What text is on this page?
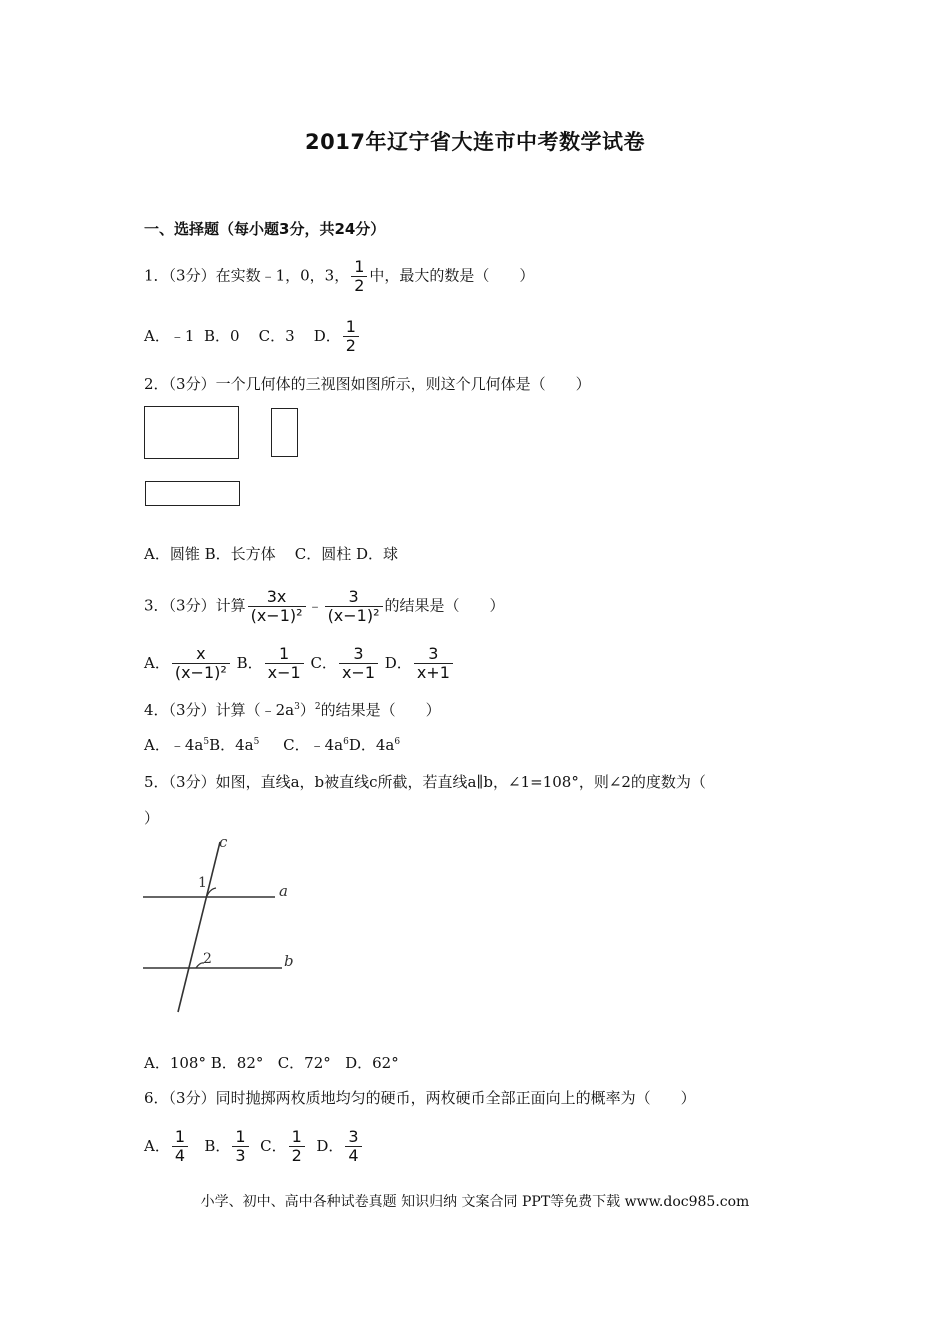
2017年辽宁省大连市中考数学试卷
一、选择题（每小题3分，共24分）
1．（3分）在实数﹣1，0，3， $\frac{1}{2}$ 中，最大的数是（　　）
A．﹣1 B．0 C．3 D． $\frac{1}{2}$
2．（3分）一个几何体的三视图如图所示，则这个几何体是（　　）
A．圆锥 B．长方体 C．圆柱 D．球
3．（3分）计算 $\frac{3x}{\text{(x−1)²}}$ ﹣ $\frac{3}{\text{(x−1)²}}$ 的结果是（　　）
A． $\frac{x}{\text{(x−1)²}}$ B． $\frac{1}{x-1}$ C． $\frac{3}{x-1}$ D． $\frac{3}{x+1}$
4．（3分）计算$(﹣2a^3)^2$的结果是（　　）
A．$﹣4a^5B$．$4a^5$ C．$﹣4a^6D$．$4a^6$
5．（3分）如图，直线a，b被直线c所截，若直线a∥b，∠1=108°，则∠2的度数为（
）
c
1	a
2	b
A．108° B．82° C．72° D．62°
6．（3分）同时抛掷两枚质地均匀的硬币，两枚硬币全部正面向上的概率为（　　）
A． $\frac{1}{4}$ B． $\frac{1}{3}$ C． $\frac{1}{2}$ D． $\frac{3}{4}$
小学、初中、高中各种试卷真题 知识归纳 文案合同 PPT等免费下载 www.doc985.com
